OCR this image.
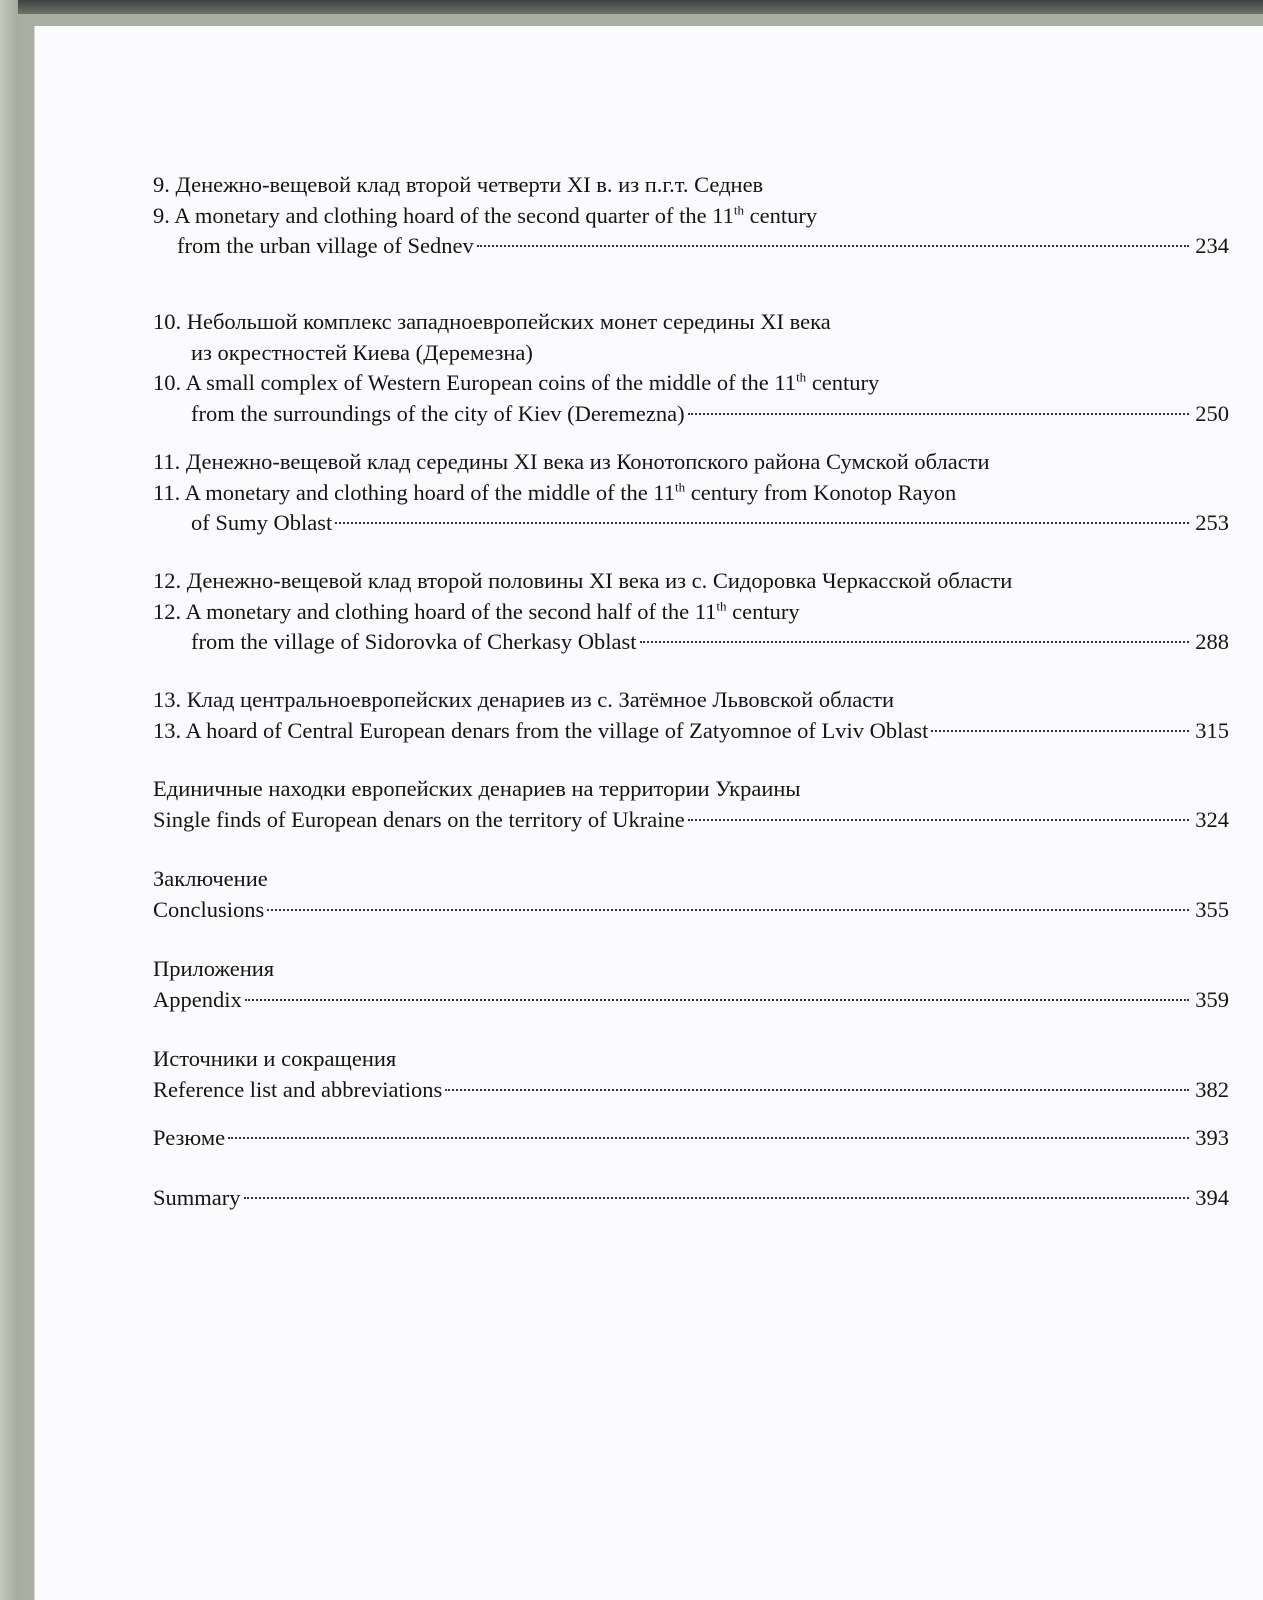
9. Денежно-вещевой клад второй четверти XI в. из п.г.т. Седнев
9. A monetary and clothing hoard of the second quarter of the 11th century
from the urban village of Sednev	234
10. Небольшой комплекс западноевропейских монет середины XI века
из окрестностей Киева (Деремезна)
10. A small complex of Western European coins of the middle of the 11th century
from the surroundings of the city of Kiev (Deremezna)	250
11. Денежно-вещевой клад середины XI века из Конотопского района Сумской области
11. A monetary and clothing hoard of the middle of the 11th century from Konotop Rayon
of Sumy Oblast	253
12. Денежно-вещевой клад второй половины XI века из с. Сидоровка Черкасской области
12. A monetary and clothing hoard of the second half of the 11th century
from the village of Sidorovka of Cherkasy Oblast	288
13. Клад центральноевропейских денариев из с. Затёмное Львовской области
13. A hoard of Central European denars from the village of Zatyomnoe of Lviv Oblast	315
Единичные находки европейских денариев на территории Украины
Single finds of European denars on the territory of Ukraine	324
Заключение
Conclusions	355
Приложения
Appendix	359
Источники и сокращения
Reference list and abbreviations	382
Резюме	393
Summary	394
